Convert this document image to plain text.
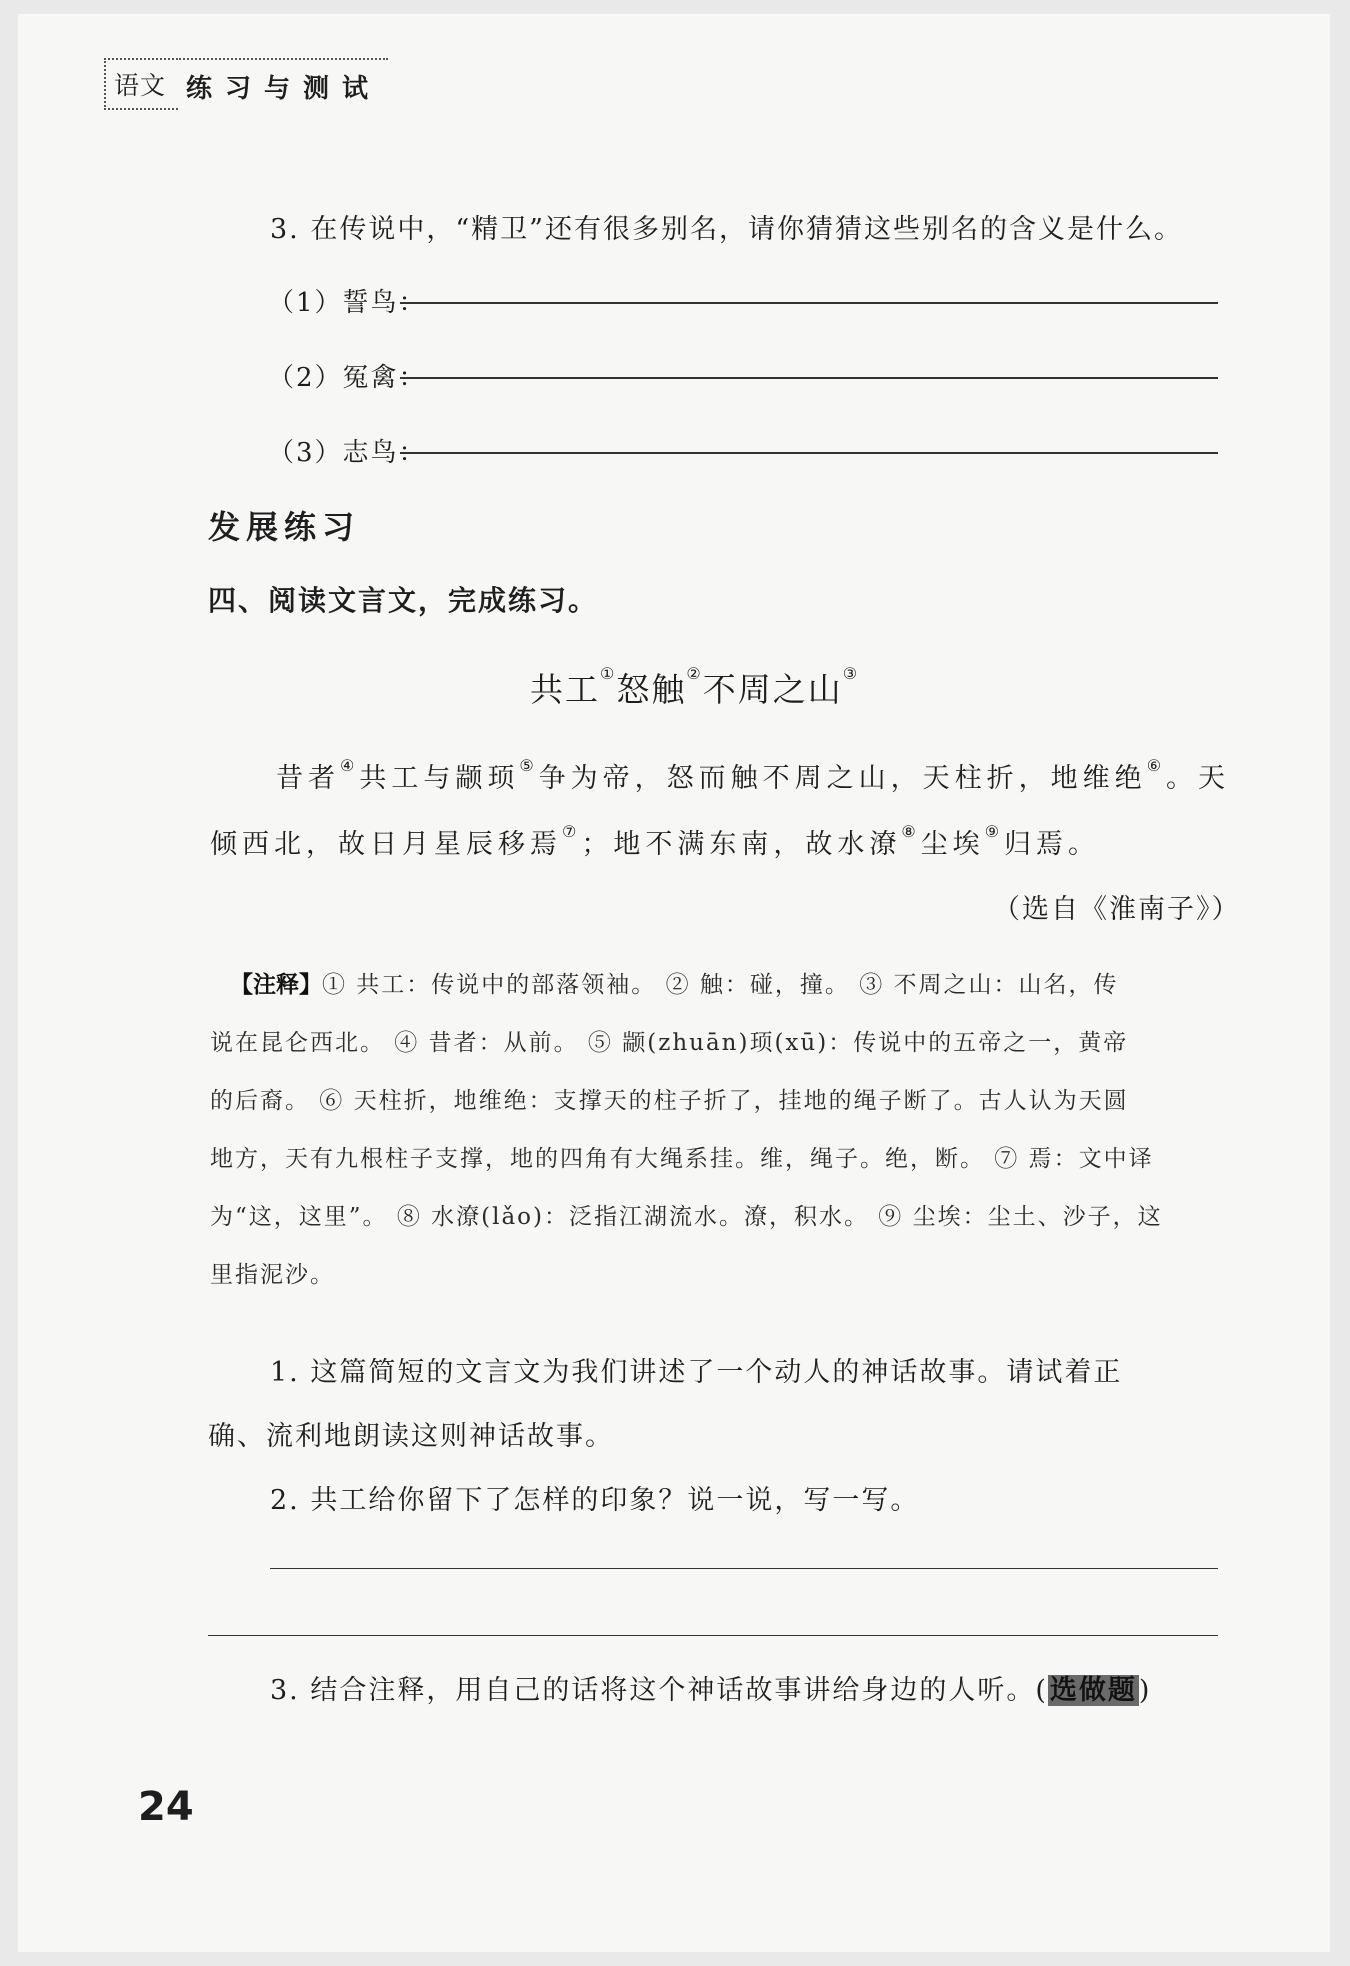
语文 练习与测试
3. 在传说中，“精卫”还有很多别名，请你猜猜这些别名的含义是什么。
（1）誓鸟：
（2）冤禽：
（3）志鸟：
发展练习
四、阅读文言文，完成练习。
共工①怒触②不周之山③
昔者④共工与颛顼⑤争为帝，怒而触不周之山，天柱折，地维绝⑥。天
倾西北，故日月星辰移焉⑦；地不满东南，故水潦⑧尘埃⑨归焉。
（选自《淮南子》）
【注释】① 共工：传说中的部落领袖。 ② 触：碰，撞。 ③ 不周之山：山名，传
说在昆仑西北。 ④ 昔者：从前。 ⑤ 颛(zhuān)顼(xū)：传说中的五帝之一，黄帝
的后裔。 ⑥ 天柱折，地维绝：支撑天的柱子折了，挂地的绳子断了。古人认为天圆
地方，天有九根柱子支撑，地的四角有大绳系挂。维，绳子。绝，断。 ⑦ 焉：文中译
为“这，这里”。 ⑧ 水潦(lǎo)：泛指江湖流水。潦，积水。 ⑨ 尘埃：尘土、沙子，这
里指泥沙。
1. 这篇简短的文言文为我们讲述了一个动人的神话故事。请试着正
确、流利地朗读这则神话故事。
2. 共工给你留下了怎样的印象？说一说，写一写。
3. 结合注释，用自己的话将这个神话故事讲给身边的人听。(选做题)
24
